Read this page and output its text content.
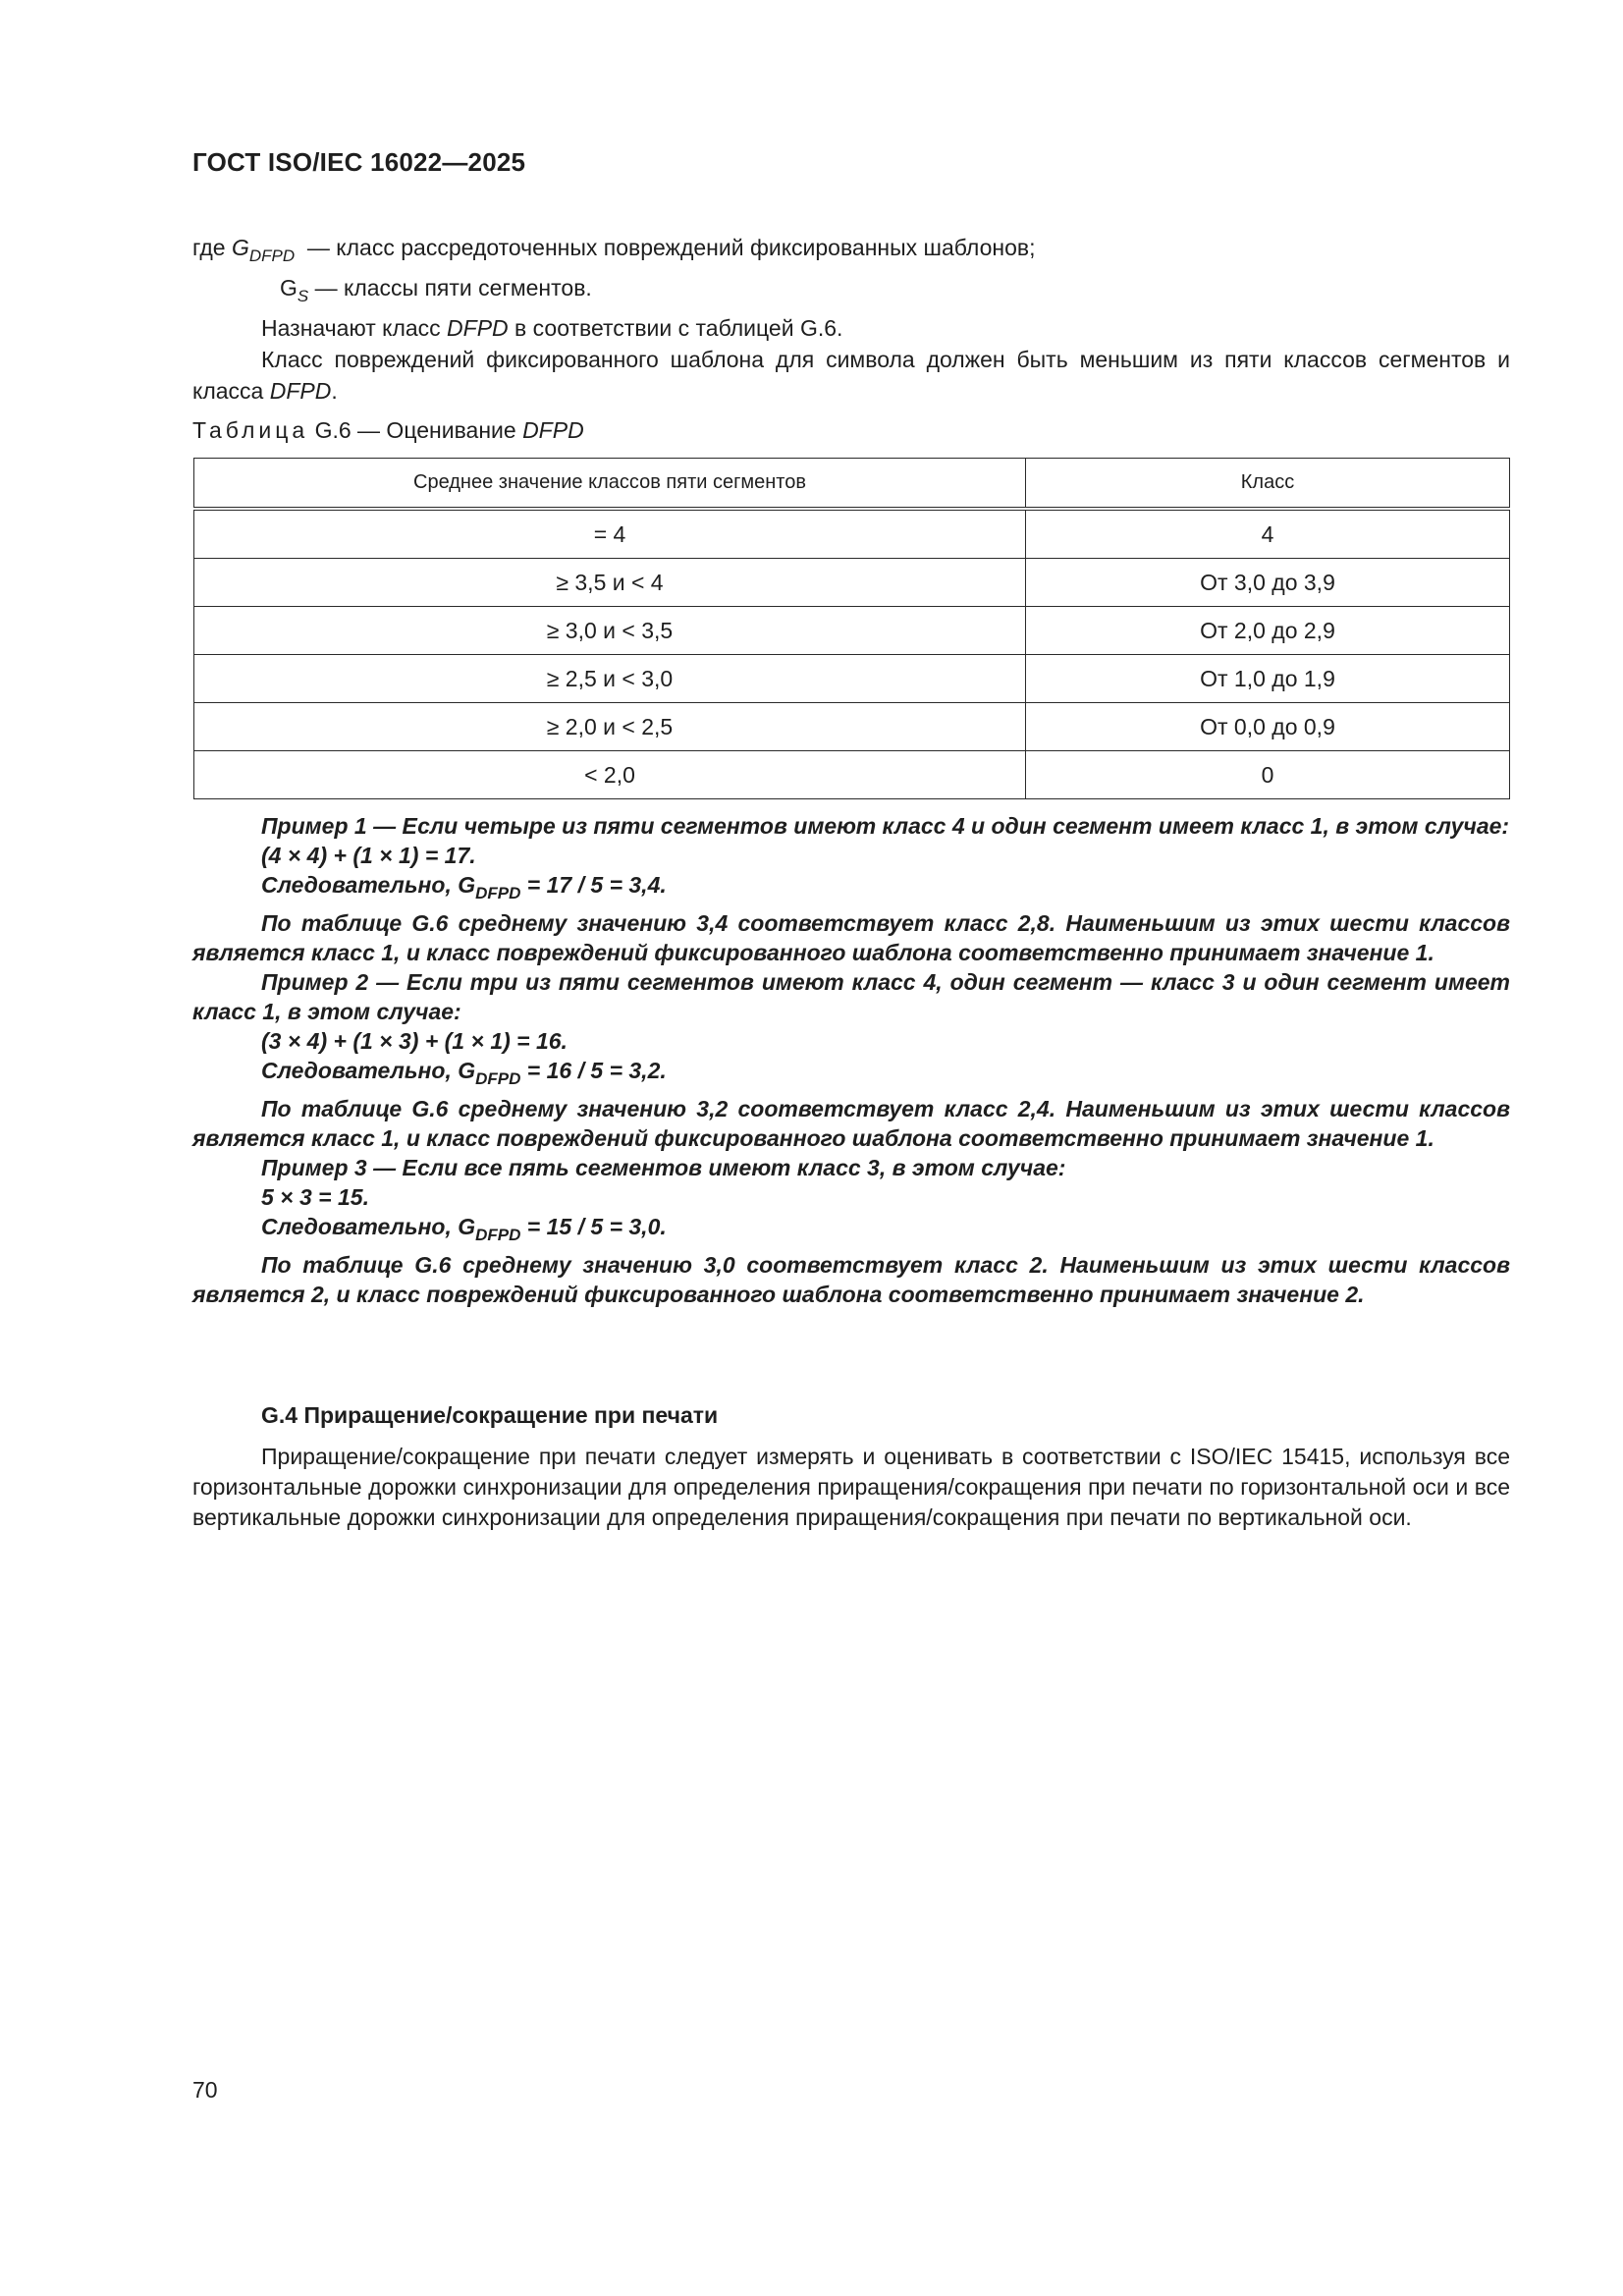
ГОСТ ISO/IEC 16022—2025

где $G_{DFPD}$ — класс рассредоточенных повреждений фиксированных шаблонов;

$G_S$ — классы пяти сегментов.

Назначают класс DFPD в соответствии с таблицей G.6.

Класс повреждений фиксированного шаблона для символа должен быть меньшим из пяти классов сегментов и класса DFPD.

Таблица G.6 — Оценивание DFPD
Среднее значение классов пяти сегментов	Класс
= 4	4
≥ 3,5 и < 4	От 3,0 до 3,9
≥ 3,0 и < 3,5	От 2,0 до 2,9
≥ 2,5 и < 3,0	От 1,0 до 1,9
≥ 2,0 и < 2,5	От 0,0 до 0,9
< 2,0	0

Пример 1 — Если четыре из пяти сегментов имеют класс 4 и один сегмент имеет класс 1, в этом случае:

(4 × 4) + (1 × 1) = 17.

Следовательно, $G_{DFPD} = 17 / 5 = 3,4$.

По таблице G.6 среднему значению 3,4 соответствует класс 2,8. Наименьшим из этих шести классов является класс 1, и класс повреждений фиксированного шаблона соответственно принимает значение 1.

Пример 2 — Если три из пяти сегментов имеют класс 4, один сегмент — класс 3 и один сегмент имеет класс 1, в этом случае:

(3 × 4) + (1 × 3) + (1 × 1) = 16.

Следовательно, $G_{DFPD} = 16 / 5 = 3,2$.

По таблице G.6 среднему значению 3,2 соответствует класс 2,4. Наименьшим из этих шести классов является класс 1, и класс повреждений фиксированного шаблона соответственно принимает значение 1.

Пример 3 — Если все пять сегментов имеют класс 3, в этом случае:

5 × 3 = 15.

Следовательно, $G_{DFPD} = 15 / 5 = 3,0$.

По таблице G.6 среднему значению 3,0 соответствует класс 2. Наименьшим из этих шести классов является 2, и класс повреждений фиксированного шаблона соответственно принимает значение 2.

G.4 Приращение/сокращение при печати

Приращение/сокращение при печати следует измерять и оценивать в соответствии с ISO/IEC 15415, используя все горизонтальные дорожки синхронизации для определения приращения/сокращения при печати по горизонтальной оси и все вертикальные дорожки синхронизации для определения приращения/сокращения при печати по вертикальной оси.

70
